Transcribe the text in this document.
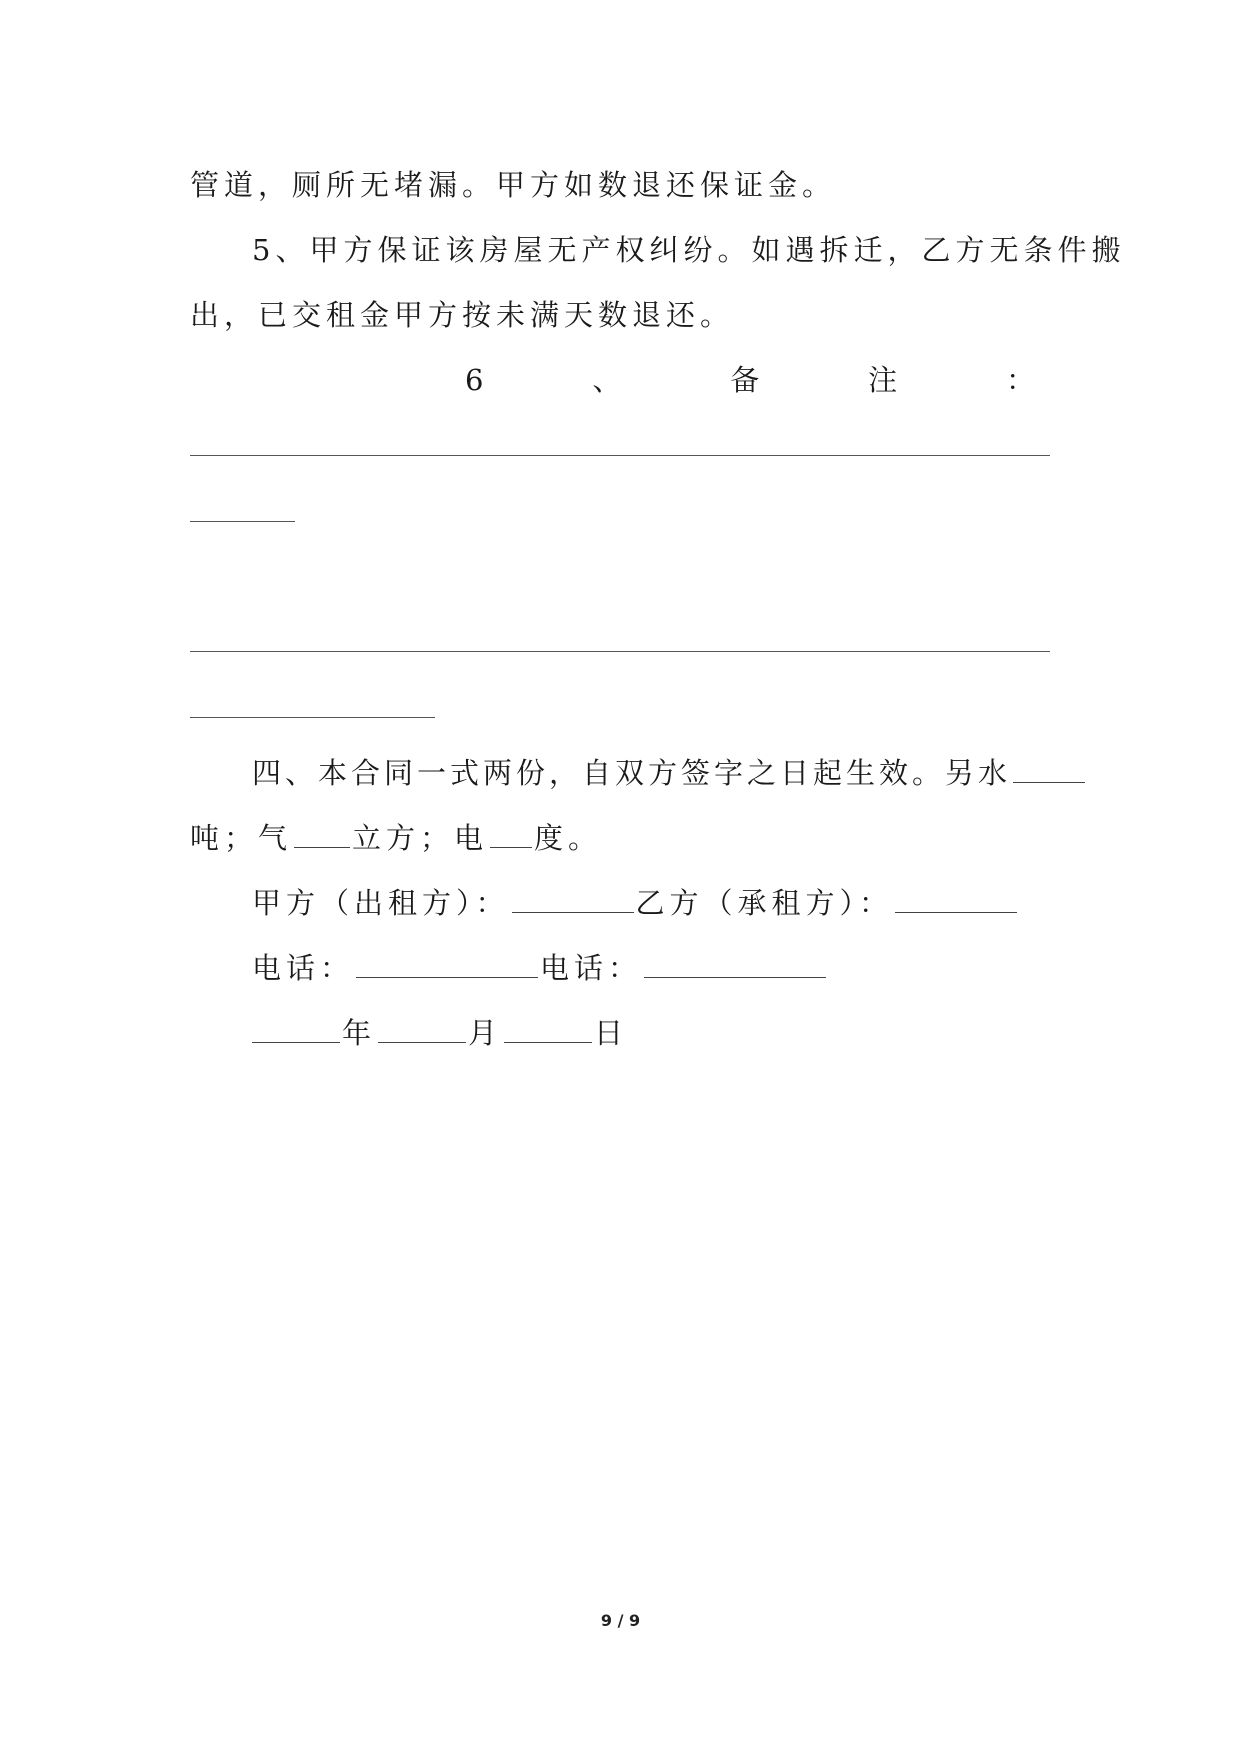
管道，厕所无堵漏。甲方如数退还保证金。
5、甲方保证该房屋无产权纠纷。如遇拆迁，乙方无条件搬
出，已交租金甲方按未满天数退还。
6	、	备	注	：
四、本合同一式两份，自双方签字之日起生效。另水
吨；气 立方；电 度。
甲方（出租方）：	乙方（承租方）：
电话：	电话：
年	月	日
9 / 9
